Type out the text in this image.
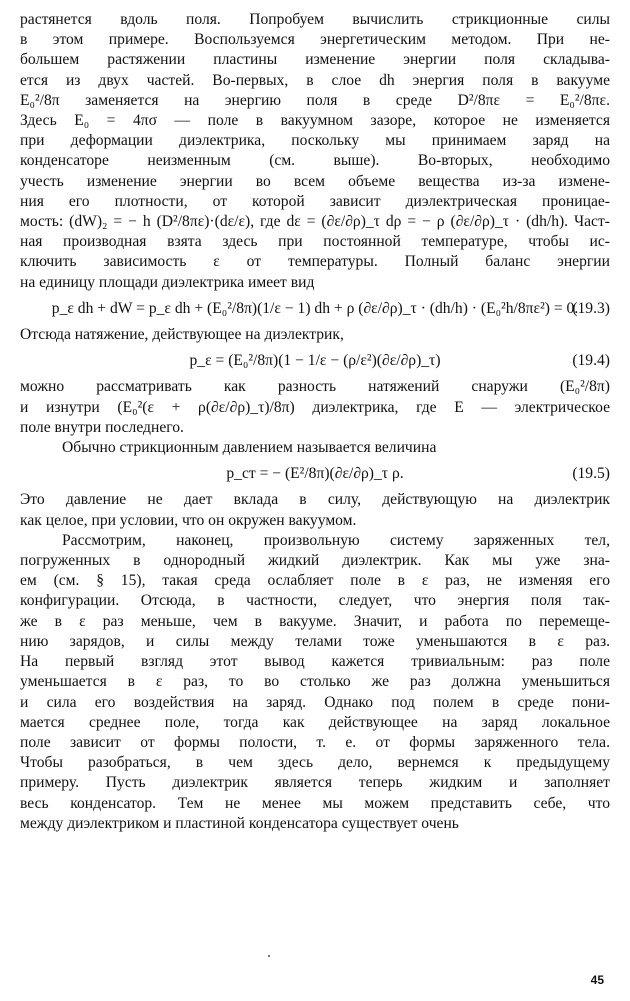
растянется вдоль поля. Попробуем вычислить стрикционные силы
в этом примере. Воспользуемся энергетическим методом. При не-
большем растяжении пластины изменение энергии поля складыва-
ется из двух частей. Во-первых, в слое dh энергия поля в вакууме
E₀²/8π заменяется на энергию поля в среде D²/8πε = E₀²/8πε.
Здесь E₀ = 4πσ — поле в вакуумном зазоре, которое не изменяется
при деформации диэлектрика, поскольку мы принимаем заряд на
конденсаторе неизменным (см. выше). Во-вторых, необходимо
учесть изменение энергии во всем объеме вещества из-за измене-
ния его плотности, от которой зависит диэлектрическая проницае-
мость: (dW)₂ = − h (D²/8πε)·(dε/ε), где dε = (∂ε/∂ρ)_τ dρ = − ρ (∂ε/∂ρ)_τ · (dh/h). Част-
ная производная взята здесь при постоянной температуре, чтобы ис-
ключить зависимость ε от температуры. Полный баланс энергии
на единицу площади диэлектрика имеет вид
p_ε dh + dW = p_ε dh + (E₀²/8π)(1/ε − 1) dh + ρ (∂ε/∂ρ)_τ · (dh/h) · (E₀²h/8πε²) = 0.
(19.3)

Отсюда натяжение, действующее на диэлектрик,

p_ε = (E₀²/8π)(1 − 1/ε − (ρ/ε²)(∂ε/∂ρ)_τ)	(19.4)
можно рассматривать как разность натяжений снаружи (E₀²/8π)
и изнутри (E₀²(ε + ρ(∂ε/∂ρ)_τ)/8π) диэлектрика, где E — электрическое
поле внутри последнего.

Обычно стрикционным давлением называется величина

p_ст = − (E²/8π)(∂ε/∂ρ)_τ ρ.	(19.5)
Это давление не дает вклада в силу, действующую на диэлектрик
как целое, при условии, что он окружен вакуумом.
Рассмотрим, наконец, произвольную систему заряженных тел,
погруженных в однородный жидкий диэлектрик. Как мы уже зна-
ем (см. § 15), такая среда ослабляет поле в ε раз, не изменяя его
конфигурации. Отсюда, в частности, следует, что энергия поля так-
же в ε раз меньше, чем в вакууме. Значит, и работа по перемеще-
нию зарядов, и силы между телами тоже уменьшаются в ε раз.
На первый взгляд этот вывод кажется тривиальным: раз поле
уменьшается в ε раз, то во столько же раз должна уменьшиться
и сила его воздействия на заряд. Однако под полем в среде пони-
мается среднее поле, тогда как действующее на заряд локальное
поле зависит от формы полости, т. е. от формы заряженного тела.
Чтобы разобраться, в чем здесь дело, вернемся к предыдущему
примеру. Пусть диэлектрик является теперь жидким и заполняет
весь конденсатор. Тем не менее мы можем представить себе, что
между диэлектриком и пластиной конденсатора существует очень
45
